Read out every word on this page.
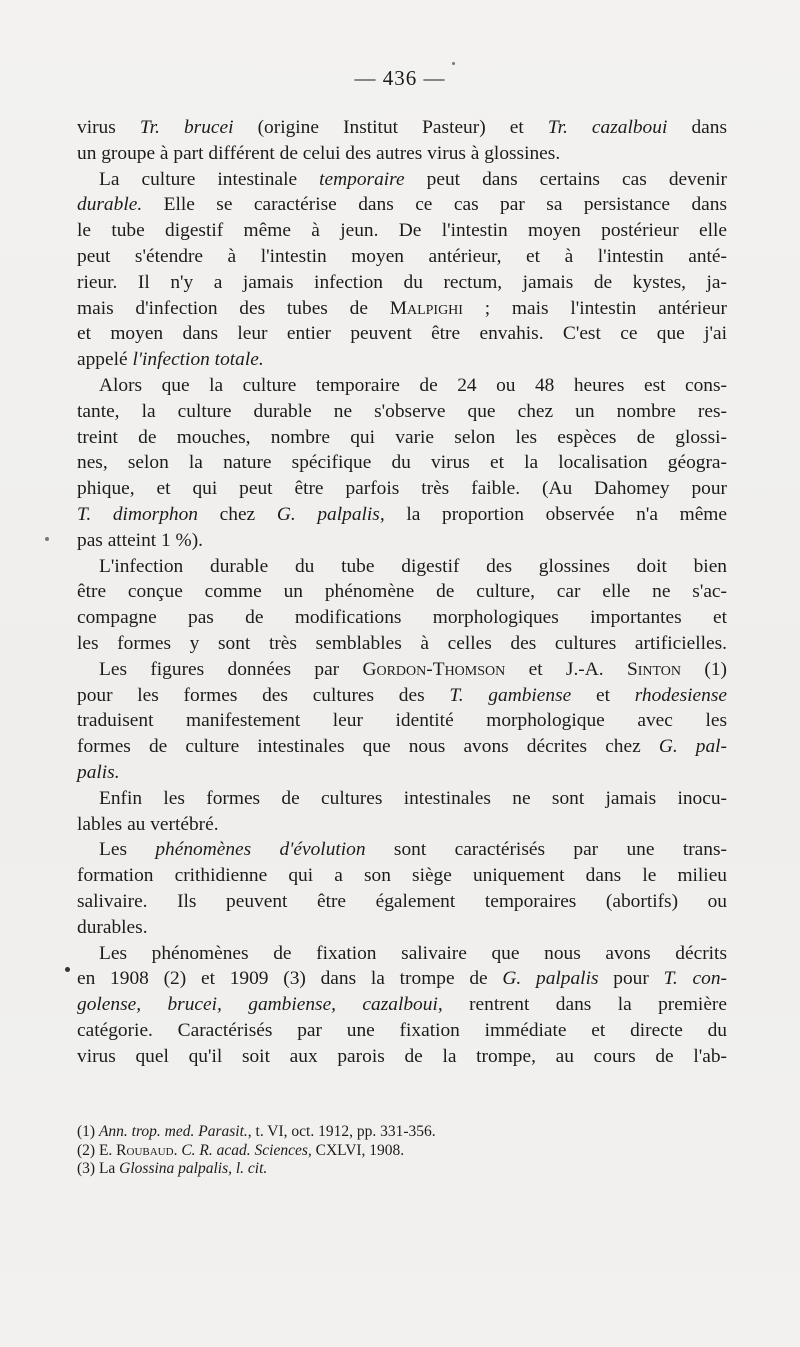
— 436 —
virus Tr. brucei (origine Institut Pasteur) et Tr. cazalboui dans
un groupe à part différent de celui des autres virus à glossines.
La culture intestinale temporaire peut dans certains cas devenir
durable. Elle se caractérise dans ce cas par sa persistance dans
le tube digestif même à jeun. De l'intestin moyen postérieur elle
peut s'étendre à l'intestin moyen antérieur, et à l'intestin anté-
rieur. Il n'y a jamais infection du rectum, jamais de kystes, ja-
mais d'infection des tubes de Malpighi ; mais l'intestin antérieur
et moyen dans leur entier peuvent être envahis. C'est ce que j'ai
appelé l'infection totale.
Alors que la culture temporaire de 24 ou 48 heures est cons-
tante, la culture durable ne s'observe que chez un nombre res-
treint de mouches, nombre qui varie selon les espèces de glossi-
nes, selon la nature spécifique du virus et la localisation géogra-
phique, et qui peut être parfois très faible. (Au Dahomey pour
T. dimorphon chez G. palpalis, la proportion observée n'a même
pas atteint 1 %).
L'infection durable du tube digestif des glossines doit bien
être conçue comme un phénomène de culture, car elle ne s'ac-
compagne pas de modifications morphologiques importantes et
les formes y sont très semblables à celles des cultures artificielles.
Les figures données par Gordon-Thomson et J.-A. Sinton (1)
pour les formes des cultures des T. gambiense et rhodesiense
traduisent manifestement leur identité morphologique avec les
formes de culture intestinales que nous avons décrites chez G. pal-
palis.
Enfin les formes de cultures intestinales ne sont jamais inocu-
lables au vertébré.
Les phénomènes d'évolution sont caractérisés par une trans-
formation crithidienne qui a son siège uniquement dans le milieu
salivaire. Ils peuvent être également temporaires (abortifs) ou
durables.
Les phénomènes de fixation salivaire que nous avons décrits
en 1908 (2) et 1909 (3) dans la trompe de G. palpalis pour T. con-
golense, brucei, gambiense, cazalboui, rentrent dans la première
catégorie. Caractérisés par une fixation immédiate et directe du
virus quel qu'il soit aux parois de la trompe, au cours de l'ab-
(1) Ann. trop. med. Parasit., t. VI, oct. 1912, pp. 331-356.
(2) E. Roubaud. C. R. acad. Sciences, CXLVI, 1908.
(3) La Glossina palpalis, l. cit.
